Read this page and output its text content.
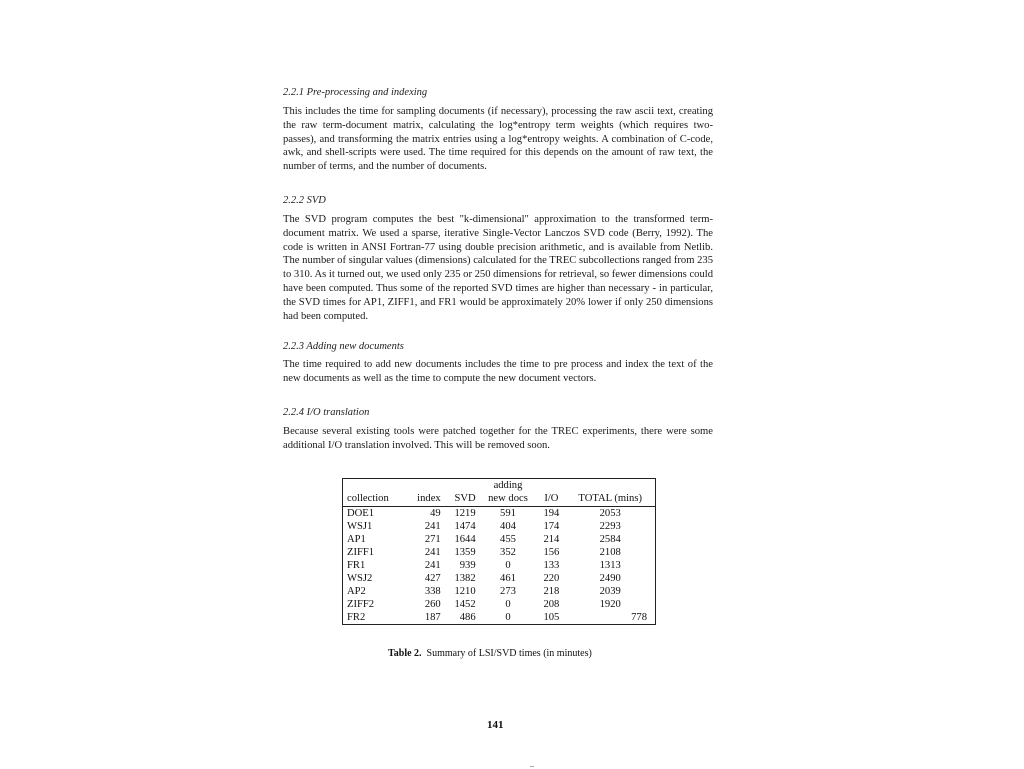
2.2.1 Pre-processing and indexing
This includes the time for sampling documents (if necessary), processing the raw ascii text, creating the raw term-document matrix, calculating the log*entropy term weights (which requires two-passes), and transforming the matrix entries using a log*entropy weights. A combination of C-code, awk, and shell-scripts were used. The time required for this depends on the amount of raw text, the number of terms, and the number of documents.
2.2.2 SVD
The SVD program computes the best "k-dimensional" approximation to the transformed term-document matrix. We used a sparse, iterative Single-Vector Lanczos SVD code (Berry, 1992). The code is written in ANSI Fortran-77 using double precision arithmetic, and is available from Netlib. The number of singular values (dimensions) calculated for the TREC subcollections ranged from 235 to 310. As it turned out, we used only 235 or 250 dimensions for retrieval, so fewer dimensions could have been computed. Thus some of the reported SVD times are higher than necessary - in particular, the SVD times for AP1, ZIFF1, and FR1 would be approximately 20% lower if only 250 dimensions had been computed.
2.2.3 Adding new documents
The time required to add new documents includes the time to pre process and index the text of the new documents as well as the time to compute the new document vectors.
2.2.4 I/O translation
Because several existing tools were patched together for the TREC experiments, there were some additional I/O translation involved. This will be removed soon.
			adding		
collection	index	SVD	new docs	I/O	TOTAL (mins)
DOE1	49	1219	591	194	2053
WSJ1	241	1474	404	174	2293
AP1	271	1644	455	214	2584
ZIFF1	241	1359	352	156	2108
FR1	241	939	0	133	1313
WSJ2	427	1382	461	220	2490
AP2	338	1210	273	218	2039
ZIFF2	260	1452	0	208	1920
FR2	187	486	0	105	778
Table 2. Summary of LSI/SVD times (in minutes)
141
..
